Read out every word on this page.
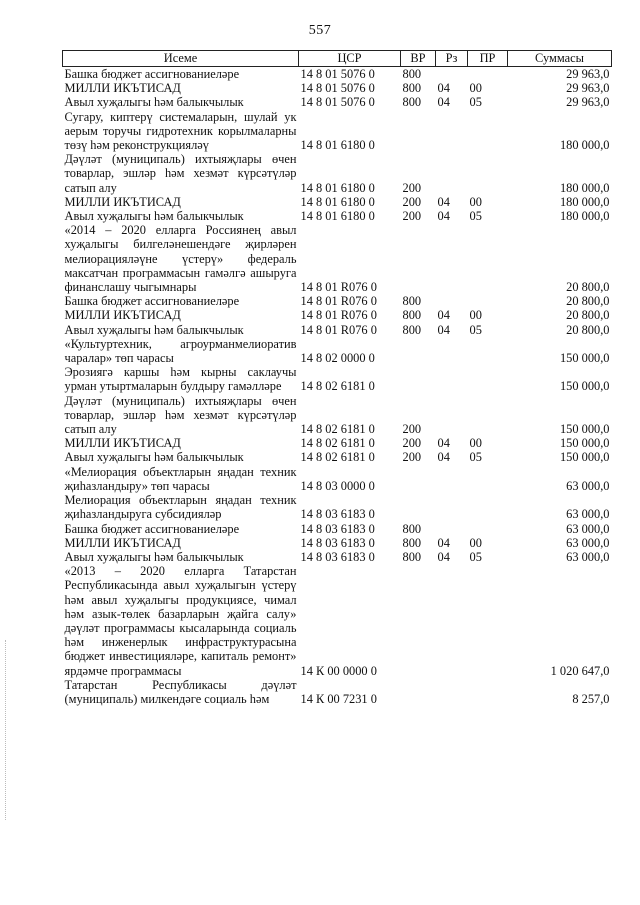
557
Исеме	ЦСР	ВР	Рз	ПР	Суммасы
Башка бюджет ассигнованиеләре	14 8 01 5076 0	800			29 963,0
МИЛЛИ ИКЪТИСАД	14 8 01 5076 0	800	04	00	29 963,0
Авыл хуҗалыгы һәм балыкчылык	14 8 01 5076 0	800	04	05	29 963,0
Сугару, киптерү системаларын, шулай ук аерым торучы гидротехник корылмаларны төзү һәм реконструкцияләү	14 8 01 6180 0				180 000,0
Дәүләт (муниципаль) ихтыяҗлары өчен товарлар, эшләр һәм хезмәт күрсәтүләр сатып алу	14 8 01 6180 0	200			180 000,0
МИЛЛИ ИКЪТИСАД	14 8 01 6180 0	200	04	00	180 000,0
Авыл хуҗалыгы һәм балыкчылык	14 8 01 6180 0	200	04	05	180 000,0
«2014 – 2020 елларга Россиянең авыл хуҗалыгы билгеләнешендәге җирләрен мелиорацияләүне үстерү» федераль максатчан программасын гамәлгә ашыруга финанслашу чыгымнары	14 8 01 R076 0				20 800,0
Башка бюджет ассигнованиеләре	14 8 01 R076 0	800			20 800,0
МИЛЛИ ИКЪТИСАД	14 8 01 R076 0	800	04	00	20 800,0
Авыл хуҗалыгы һәм балыкчылык	14 8 01 R076 0	800	04	05	20 800,0
«Культуртехник, агроурманмелиоратив чаралар» төп чарасы	14 8 02 0000 0				150 000,0
Эрозиягә каршы һәм кырны саклаучы урман утыртмаларын булдыру гамәлләре	14 8 02 6181 0				150 000,0
Дәүләт (муниципаль) ихтыяҗлары өчен товарлар, эшләр һәм хезмәт күрсәтүләр сатып алу	14 8 02 6181 0	200			150 000,0
МИЛЛИ ИКЪТИСАД	14 8 02 6181 0	200	04	00	150 000,0
Авыл хуҗалыгы һәм балыкчылык	14 8 02 6181 0	200	04	05	150 000,0
«Мелиорация объектларын яңадан техник җиһазландыру» төп чарасы	14 8 03 0000 0				63 000,0
Мелиорация объектларын яңадан техник җиһазландыруга субсидияләр	14 8 03 6183 0				63 000,0
Башка бюджет ассигнованиеләре	14 8 03 6183 0	800			63 000,0
МИЛЛИ ИКЪТИСАД	14 8 03 6183 0	800	04	00	63 000,0
Авыл хуҗалыгы һәм балыкчылык	14 8 03 6183 0	800	04	05	63 000,0
«2013 – 2020 елларга Татарстан Республикасында авыл хуҗалыгын үстерү һәм авыл хуҗалыгы продукциясе, чимал һәм азык-төлек базарларын җайга салу» дәүләт программасы кысаларында социаль һәм инженерлык инфраструктурасына бюджет инвестицияләре, капиталь ремонт» ярдәмче программасы	14 К 00 0000 0				1 020 647,0
Татарстан Республикасы дәүләт (муниципаль) милкендәге социаль һәм	14 К 00 7231 0				8 257,0
